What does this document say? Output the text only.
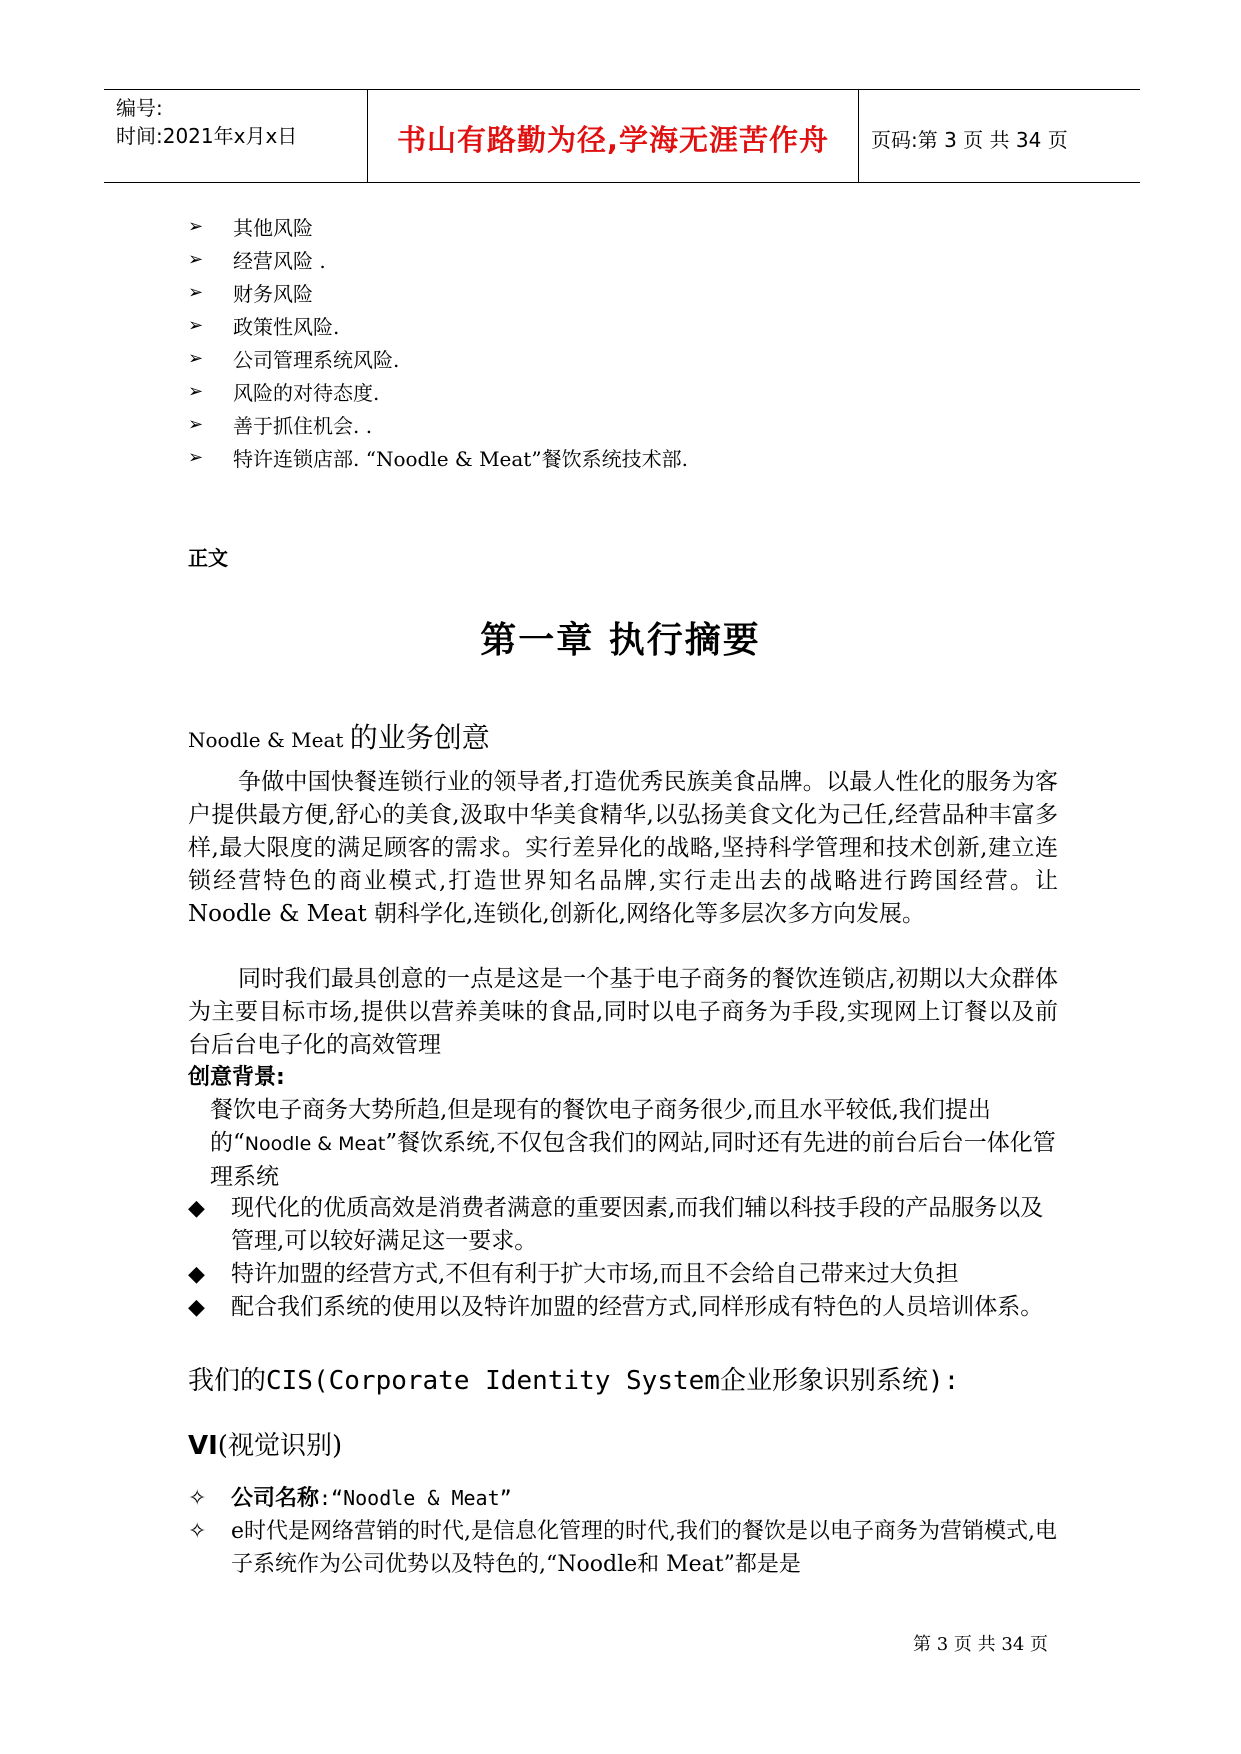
编号:
时间:2021年x月x日	书山有路勤为径,学海无涯苦作舟	页码:第 3 页 共 34 页
➢	其他风险
➢	经营风险 .
➢	财务风险
➢	政策性风险.
➢	公司管理系统风险.
➢	风险的对待态度.
➢	善于抓住机会. .
➢	特许连锁店部. “Noodle & Meat”餐饮系统技术部.
正文
第一章 执行摘要
Noodle & Meat 的业务创意
争做中国快餐连锁行业的领导者,打造优秀民族美食品牌。以最人性化的服务为客户提供最方便,舒心的美食,汲取中华美食精华,以弘扬美食文化为己任,经营品种丰富多样,最大限度的满足顾客的需求。实行差异化的战略,坚持科学管理和技术创新,建立连锁经营特色的商业模式,打造世界知名品牌,实行走出去的战略进行跨国经营。让 Noodle & Meat 朝科学化,连锁化,创新化,网络化等多层次多方向发展。
同时我们最具创意的一点是这是一个基于电子商务的餐饮连锁店,初期以大众群体为主要目标市场,提供以营养美味的食品,同时以电子商务为手段,实现网上订餐以及前台后台电子化的高效管理
创意背景:
餐饮电子商务大势所趋,但是现有的餐饮电子商务很少,而且水平较低,我们提出的“Noodle & Meat”餐饮系统,不仅包含我们的网站,同时还有先进的前台后台一体化管理系统
◆ 现代化的优质高效是消费者满意的重要因素,而我们辅以科技手段的产品服务以及管理,可以较好满足这一要求。
◆ 特许加盟的经营方式,不但有利于扩大市场,而且不会给自己带来过大负担
◆ 配合我们系统的使用以及特许加盟的经营方式,同样形成有特色的人员培训体系。
我们的CIS(Corporate Identity System企业形象识别系统):
VI(视觉识别)
✧ 公司名称:“Noodle & Meat”
✧ e时代是网络营销的时代,是信息化管理的时代,我们的餐饮是以电子商务为营销模式,电子系统作为公司优势以及特色的,“Noodle和 Meat”都是是
第 3 页 共 34 页
